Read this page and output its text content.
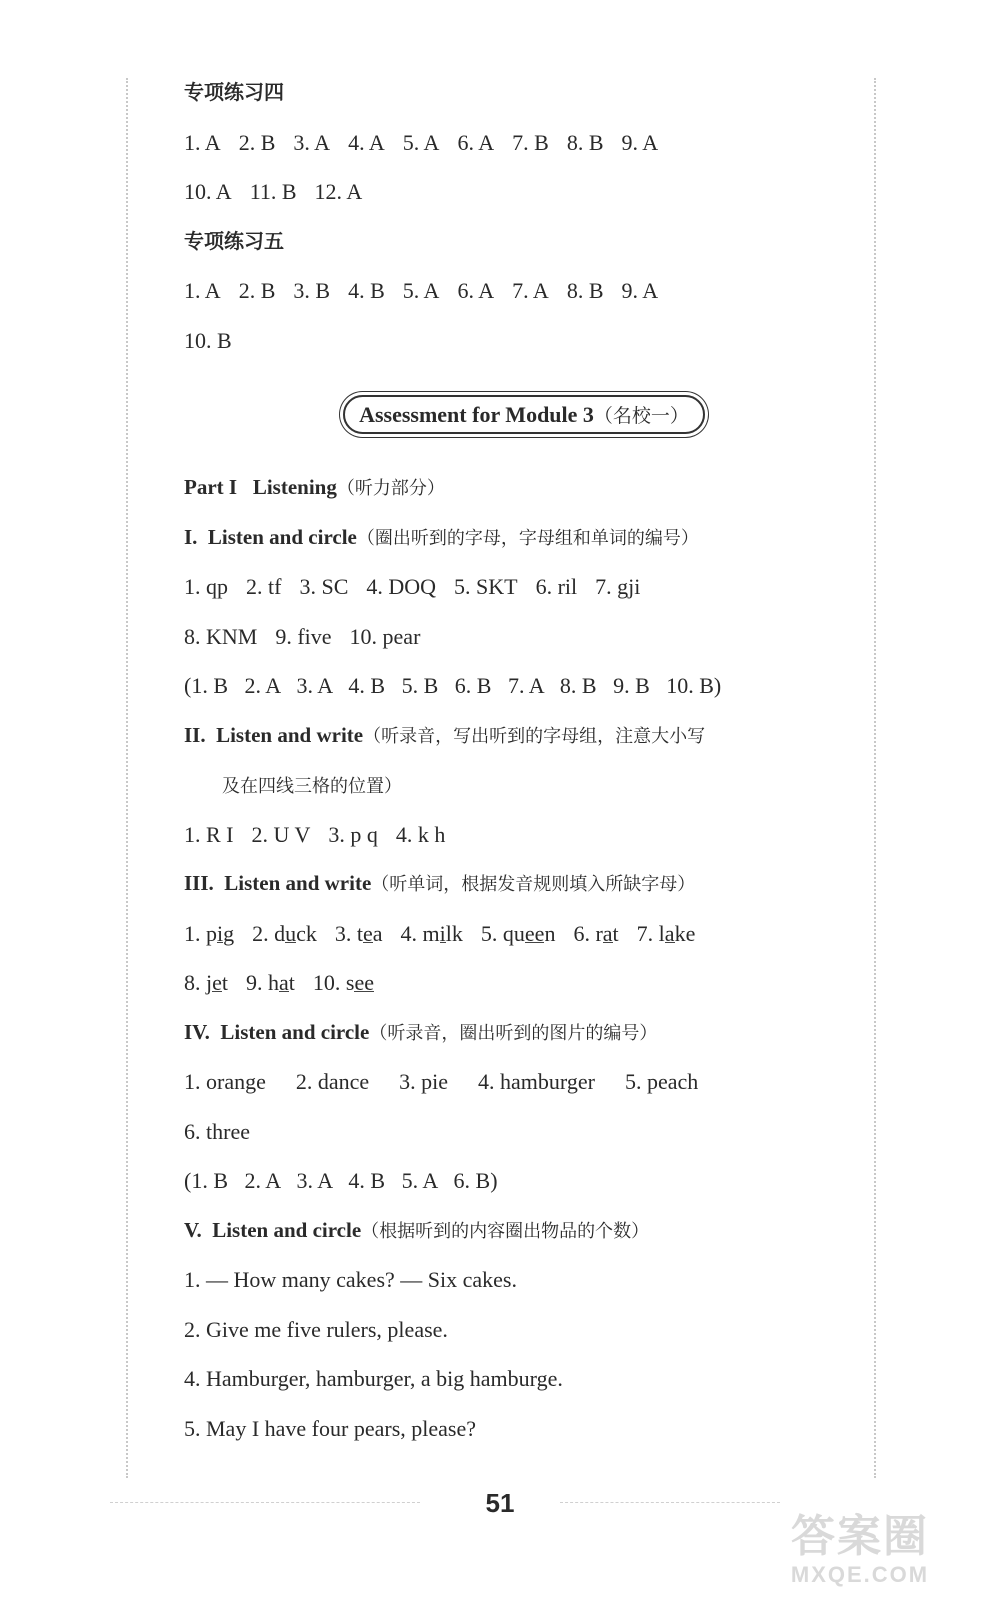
专项练习四
1. A 2. B 3. A 4. A 5. A 6. A 7. B 8. B 9. A
10. A 11. B 12. A
专项练习五
1. A 2. B 3. B 4. B 5. A 6. A 7. A 8. B 9. A
10. B
Assessment for Module 3（名校一）
Part I   Listening（听力部分）
I.  Listen and circle（圈出听到的字母，字母组和单词的编号）
1. qp 2. tf 3. SC 4. DOQ 5. SKT 6. ril 7. gji
8. KNM 9. five 10. pear
(1. B   2. A   3. A   4. B   5. B   6. B   7. A   8. B   9. B   10. B)
II.  Listen and write（听录音，写出听到的字母组，注意大小写
及在四线三格的位置）
1. R I 2. U V 3. p q 4. k h
III.  Listen and write（听单词，根据发音规则填入所缺字母）
1. pig 2. duck 3. tea 4. milk 5. queen 6. rat 7. lake
8. jet 9. hat 10. see
IV.  Listen and circle（听录音，圈出听到的图片的编号）
1. orange 2. dance 3. pie 4. hamburger 5. peach
6. three
(1. B   2. A   3. A   4. B   5. A   6. B)
V.  Listen and circle（根据听到的内容圈出物品的个数）
1. — How many cakes? — Six cakes.
2. Give me five rulers, please.
4. Hamburger, hamburger, a big hamburge.
5. May I have four pears, please?
51
答案圈
MXQE.COM
